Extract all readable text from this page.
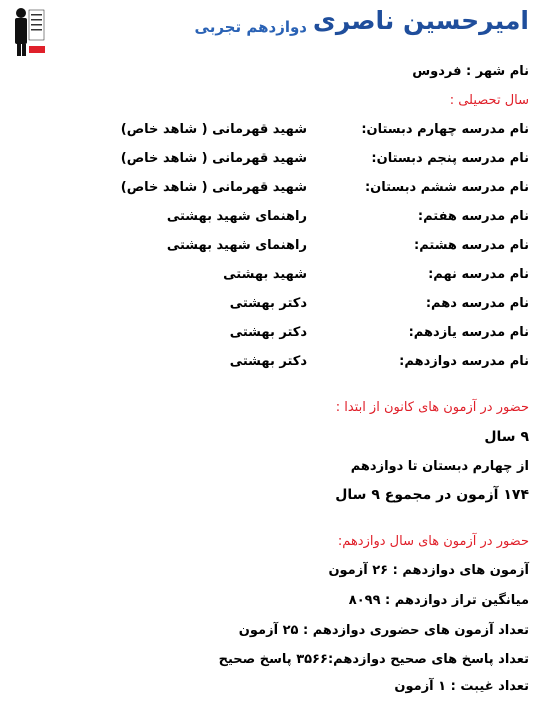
امیرحسین ناصری
دوازدهم تجربی
نام شهر : فردوس
سال تحصیلی :
نام مدرسه چهارم دبستان:
شهید قهرمانی ( شاهد خاص)
نام مدرسه پنجم دبستان:
شهید قهرمانی ( شاهد خاص)
نام مدرسه ششم دبستان:
شهید قهرمانی ( شاهد خاص)
نام مدرسه هفتم:
راهنمای شهید بهشتی
نام مدرسه هشتم:
راهنمای شهید بهشتی
نام مدرسه نهم:
شهید بهشتی
نام مدرسه دهم:
دکتر بهشتی
نام مدرسه یازدهم:
دکتر بهشتی
نام مدرسه دوازدهم:
دکتر بهشتی
حضور در آزمون های کانون از ابتدا :
۹ سال
از چهارم دبستان تا دوازدهم
۱۷۴ آزمون در مجموع ۹ سال
حضور در آزمون های سال دوازدهم:
آزمون های دوازدهم : ۲۶ آزمون
میانگین تراز دوازدهم : ۸۰۹۹
تعداد آزمون های حضوری دوازدهم : ۲۵ آزمون
تعداد پاسخ های صحیح دوازدهم:۳۵۶۶ پاسخ صحیح
تعداد غیبت : ۱ آزمون
